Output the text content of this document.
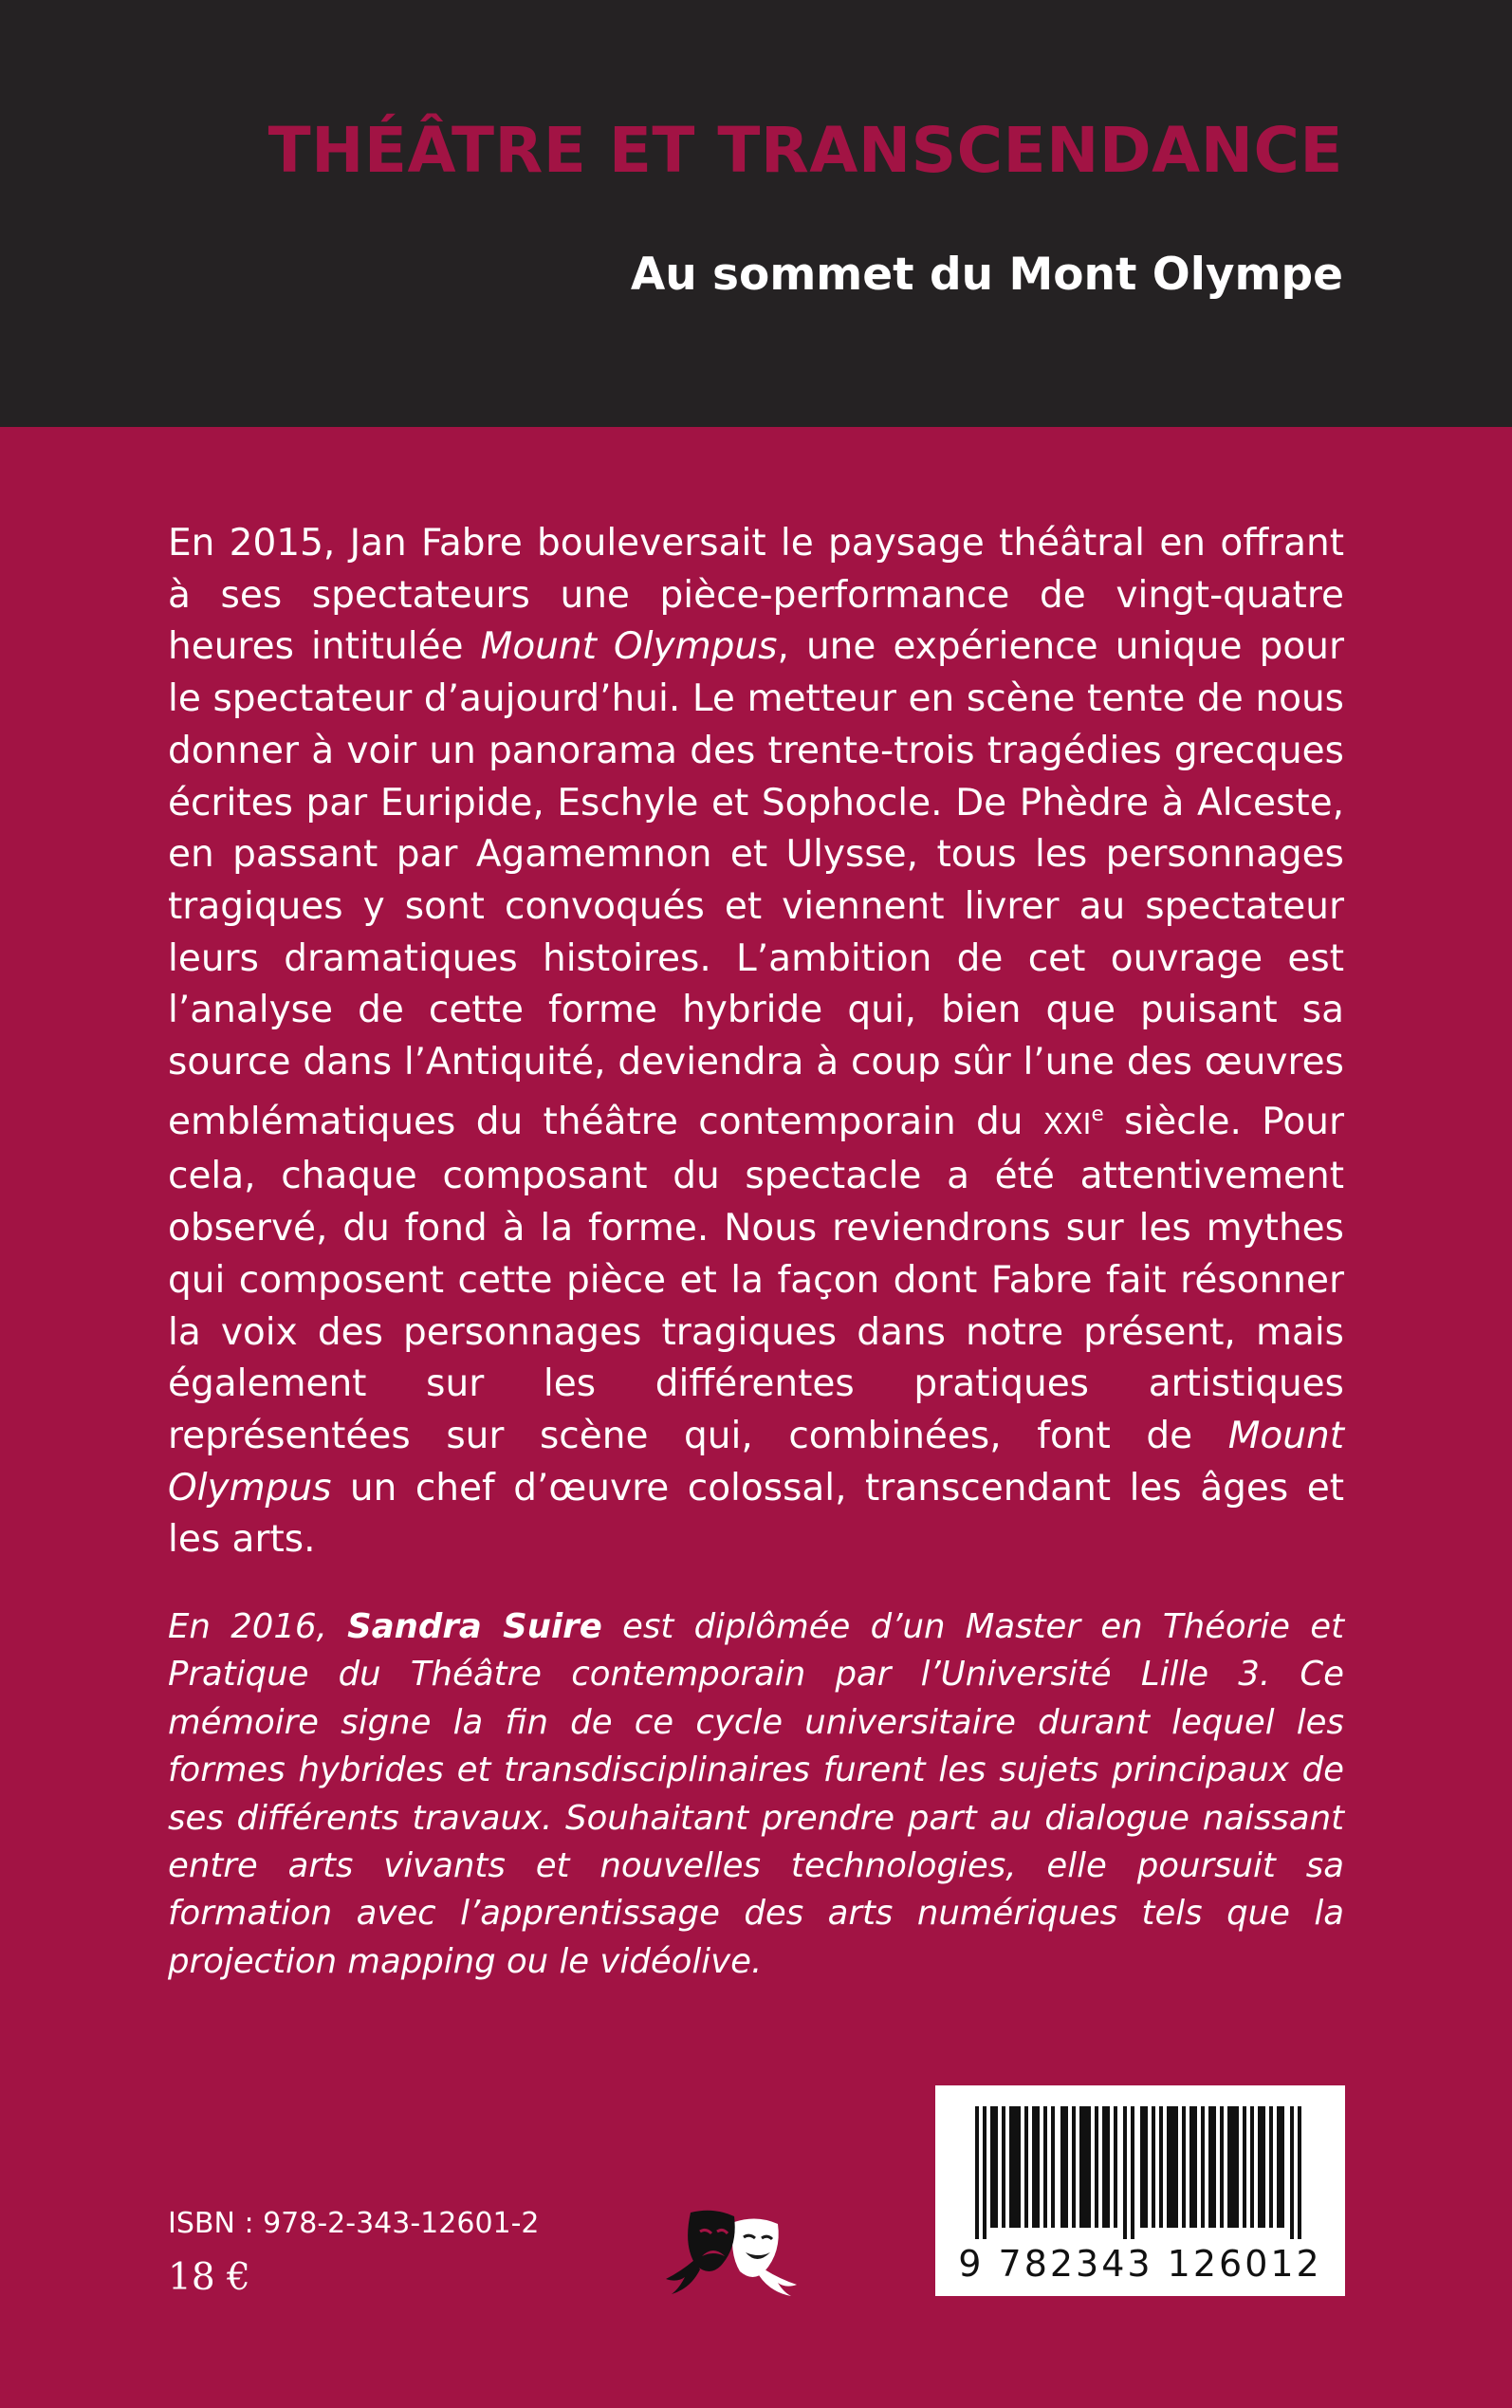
THÉÂTRE ET TRANSCENDANCE
Au sommet du Mont Olympe

En 2015, Jan Fabre bouleversait le paysage théâtral en offrant à ses spectateurs une pièce-performance de vingt-quatre heures intitulée Mount Olympus, une expérience unique pour le spectateur d’aujourd’hui. Le metteur en scène tente de nous donner à voir un panorama des trente-trois tragédies grecques écrites par Euripide, Eschyle et Sophocle. De Phèdre à Alceste, en passant par Agamemnon et Ulysse, tous les personnages tragiques y sont convoqués et viennent livrer au spectateur leurs dramatiques histoires. L’ambition de cet ouvrage est l’analyse de cette forme hybride qui, bien que puisant sa source dans l’Antiquité, deviendra à coup sûr l’une des œuvres emblématiques du théâtre contemporain du XXIe siècle. Pour cela, chaque composant du spectacle a été attentivement observé, du fond à la forme. Nous reviendrons sur les mythes qui composent cette pièce et la façon dont Fabre fait résonner la voix des personnages tragiques dans notre présent, mais également sur les différentes pratiques artistiques représentées sur scène qui, combinées, font de Mount Olympus un chef d’œuvre colossal, transcendant les âges et les arts.

En 2016, Sandra Suire est diplômée d’un Master en Théorie et Pratique du Théâtre contemporain par l’Université Lille 3. Ce mémoire signe la fin de ce cycle universitaire durant lequel les formes hybrides et transdisciplinaires furent les sujets principaux de ses différents travaux. Souhaitant prendre part au dialogue naissant entre arts vivants et nouvelles technologies, elle poursuit sa formation avec l’apprentissage des arts numériques tels que la projection mapping ou le vidéolive.

ISBN : 978-2-343-12601-2
18 €	9 782343 126012
